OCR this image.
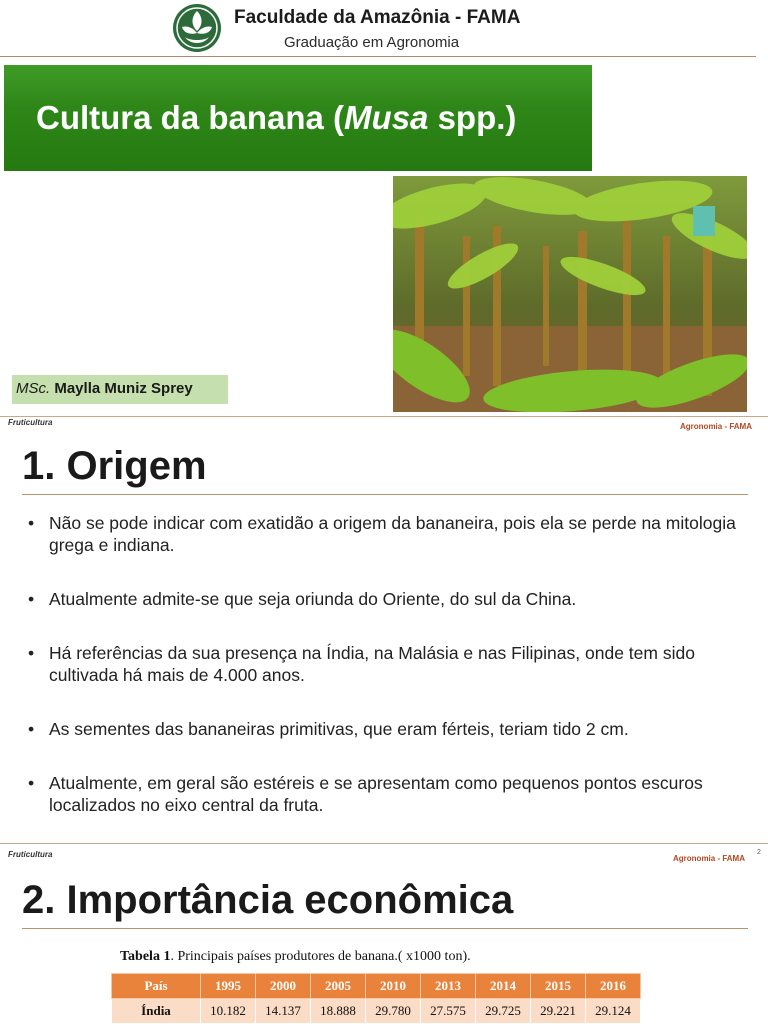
Faculdade da Amazônia - FAMA
Graduação em Agronomia
Cultura da banana (Musa spp.)
MSc. Maylla Muniz Sprey
Fruticultura	Agronomia - FAMA
1. Origem
• Não se pode indicar com exatidão a origem da bananeira, pois ela se perde na mitologia grega e indiana.
• Atualmente admite-se que seja oriunda do Oriente, do sul da China.
• Há referências da sua presença na Índia, na Malásia e nas Filipinas, onde tem sido cultivada há mais de 4.000 anos.
• As sementes das bananeiras primitivas, que eram férteis, teriam tido 2 cm.
• Atualmente, em geral são estéreis e se apresentam como pequenos pontos escuros localizados no eixo central da fruta.
Fruticultura	Agronomia - FAMA
2
2. Importância econômica
Tabela 1. Principais países produtores de banana.( x1000 ton).
País	1995	2000	2005	2010	2013	2014	2015	2016
Índia	10.182	14.137	18.888	29.780	27.575	29.725	29.221	29.124
